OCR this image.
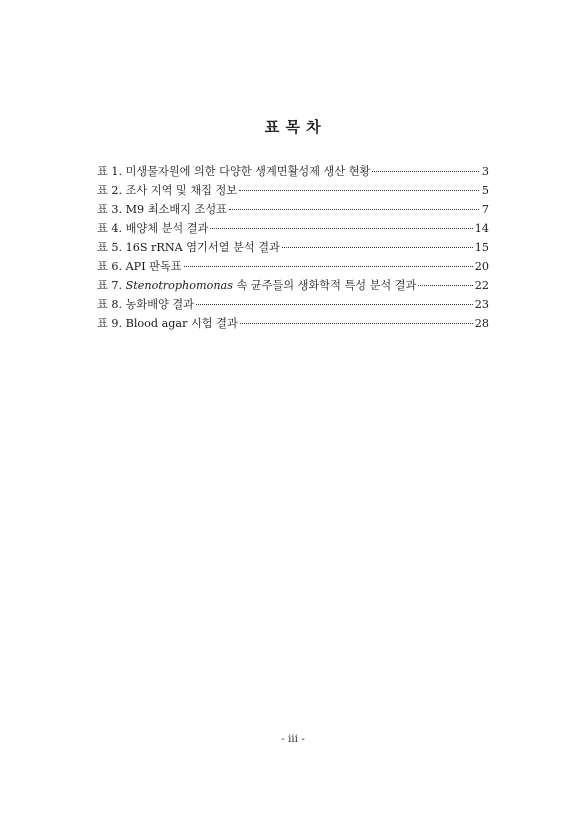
표 목 차
표 1. 미생물자원에 의한 다양한 생계면활성제 생산 현황	3
표 2. 조사 지역 및 채집 정보	5
표 3. M9 최소배지 조성표	7
표 4. 배양체 분석 결과	14
표 5. 16S rRNA 염기서열 분석 결과	15
표 6. API 판독표	20
표 7. Stenotrophomonas 속 균주들의 생화학적 특성 분석 결과	22
표 8. 농화배양 결과	23
표 9. Blood agar 시험 결과	28
- iii -
